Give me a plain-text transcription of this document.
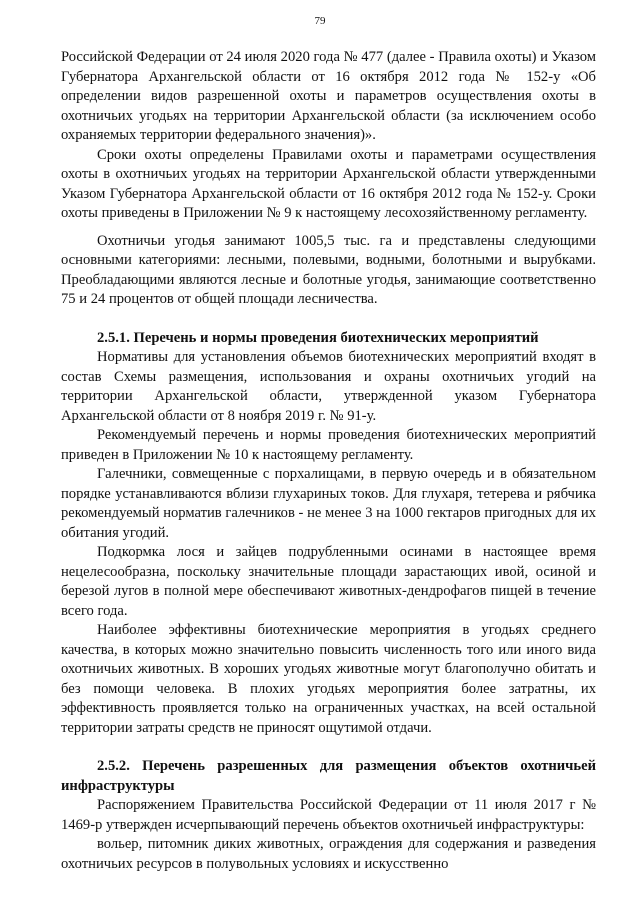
79

Российской Федерации от 24 июля 2020 года № 477 (далее - Правила охоты) и Указом Губернатора Архангельской области от 16 октября 2012 года № 152-у «Об определении видов разрешенной охоты и параметров осуществления охоты в охотничьих угодьях на территории Архангельской области (за исключением особо охраняемых территории федерального значения)».

Сроки охоты определены Правилами охоты и параметрами осуществления охоты в охотничьих угодьях на территории Архангельской области утвержденными Указом Губернатора Архангельской области от 16 октября 2012 года № 152-у. Сроки охоты приведены в Приложении № 9 к настоящему лесохозяйственному регламенту.

Охотничьи угодья занимают 1005,5 тыс. га и представлены следующими основными категориями: лесными, полевыми, водными, болотными и вырубками. Преобладающими являются лесные и болотные угодья, занимающие соответственно 75 и 24 процентов от общей площади лесничества.

2.5.1. Перечень и нормы проведения биотехнических мероприятий

Нормативы для установления объемов биотехнических мероприятий входят в состав Схемы размещения, использования и охраны охотничьих угодий на территории Архангельской области, утвержденной указом Губернатора Архангельской области от 8 ноября 2019 г. № 91-у.

Рекомендуемый перечень и нормы проведения биотехнических мероприятий приведен в Приложении № 10 к настоящему регламенту.

Галечники, совмещенные с порхалищами, в первую очередь и в обязательном порядке устанавливаются вблизи глухариных токов. Для глухаря, тетерева и рябчика рекомендуемый норматив галечников - не менее 3 на 1000 гектаров пригодных для их обитания угодий.

Подкормка лося и зайцев подрубленными осинами в настоящее время нецелесообразна, поскольку значительные площади зарастающих ивой, осиной и березой лугов в полной мере обеспечивают животных-дендрофагов пищей в течение всего года.

Наиболее эффективны биотехнические мероприятия в угодьях среднего качества, в которых можно значительно повысить численность того или иного вида охотничьих животных. В хороших угодьях животные могут благополучно обитать и без помощи человека. В плохих угодьях мероприятия более затратны, их эффективность проявляется только на ограниченных участках, на всей остальной территории затраты средств не приносят ощутимой отдачи.

2.5.2. Перечень разрешенных для размещения объектов охотничьей инфраструктуры

Распоряжением Правительства Российской Федерации от 11 июля 2017 г № 1469-р утвержден исчерпывающий перечень объектов охотничьей инфраструктуры:

вольер, питомник диких животных, ограждения для содержания и разведения охотничьих ресурсов в полувольных условиях и искусственно
